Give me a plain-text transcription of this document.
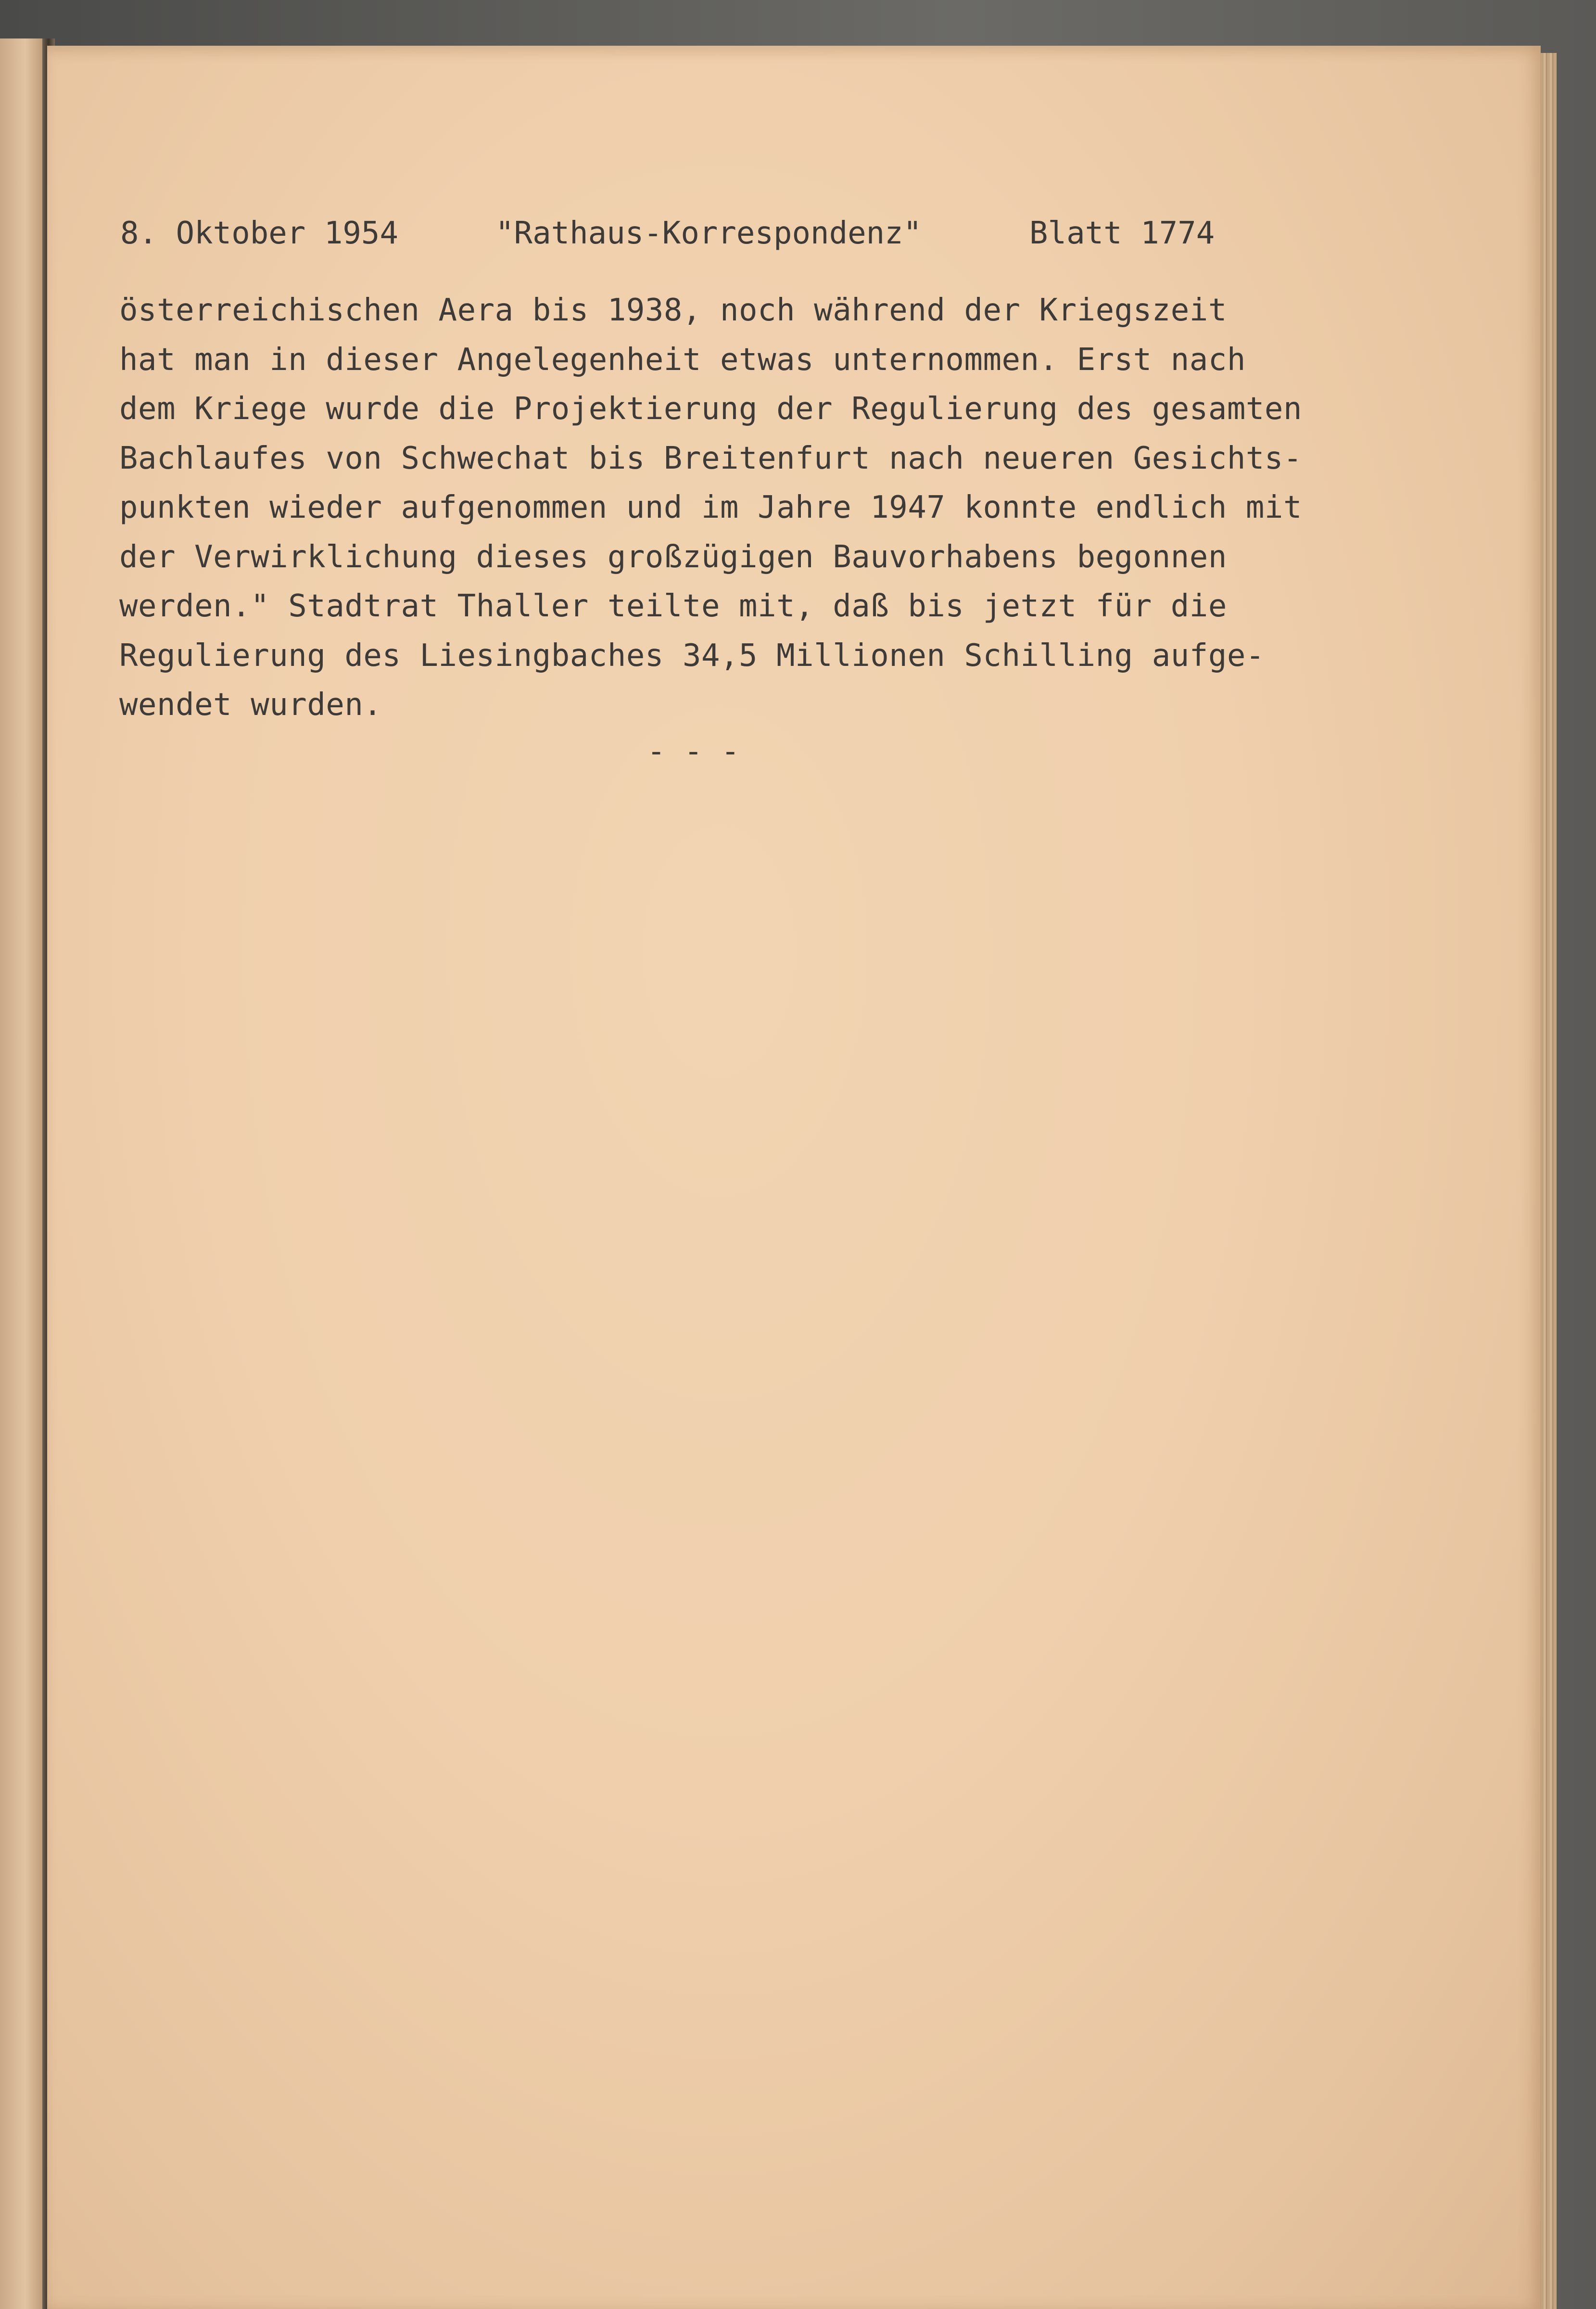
8. Oktober 1954

	"Rathaus-Korrespondenz"

	Blatt 1774

österreichischen Aera bis 1938, noch während der Kriegszeit
hat man in dieser Angelegenheit etwas unternommen. Erst nach
dem Kriege wurde die Projektierung der Regulierung des gesamten
Bachlaufes von Schwechat bis Breitenfurt nach neueren Gesichts-
punkten wieder aufgenommen und im Jahre 1947 konnte endlich mit
der Verwirklichung dieses großzügigen Bauvorhabens begonnen
werden." Stadtrat Thaller teilte mit, daß bis jetzt für die
Regulierung des Liesingbaches 34,5 Millionen Schilling aufge-
wendet wurden.
- - -
